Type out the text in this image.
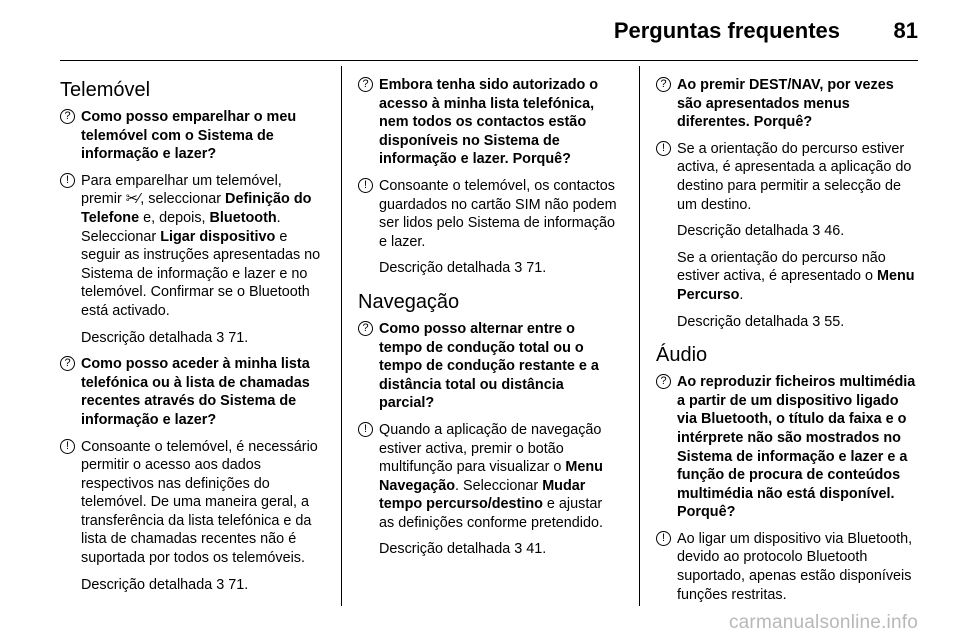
Perguntas frequentes 81
Telemóvel
? Como posso emparelhar o meu telemóvel com o Sistema de informação e lazer?
! Para emparelhar um telemóvel, premir ✂⁄, seleccionar Definição do Telefone e, depois, Bluetooth. Seleccionar Ligar dispositivo e seguir as instruções apresentadas no Sistema de informação e lazer e no telemóvel. Confirmar se o Bluetooth está activado.
Descrição detalhada 3 71.
? Como posso aceder à minha lista telefónica ou à lista de chamadas recentes através do Sistema de informação e lazer?
! Consoante o telemóvel, é necessário permitir o acesso aos dados respectivos nas definições do telemóvel. De uma maneira geral, a transferência da lista telefónica e da lista de chamadas recentes não é suportada por todos os telemóveis.
Descrição detalhada 3 71.
? Embora tenha sido autorizado o acesso à minha lista telefónica, nem todos os contactos estão disponíveis no Sistema de informação e lazer. Porquê?
! Consoante o telemóvel, os contactos guardados no cartão SIM não podem ser lidos pelo Sistema de informação e lazer.
Descrição detalhada 3 71.
Navegação
? Como posso alternar entre o tempo de condução total ou o tempo de condução restante e a distância total ou distância parcial?
! Quando a aplicação de navegação estiver activa, premir o botão multifunção para visualizar o Menu Navegação. Seleccionar Mudar tempo percurso/destino e ajustar as definições conforme pretendido.
Descrição detalhada 3 41.
? Ao premir DEST/NAV, por vezes são apresentados menus diferentes. Porquê?
! Se a orientação do percurso estiver activa, é apresentada a aplicação do destino para permitir a selecção de um destino.
Descrição detalhada 3 46.
Se a orientação do percurso não estiver activa, é apresentado o Menu Percurso.
Descrição detalhada 3 55.
Áudio
? Ao reproduzir ficheiros multimédia a partir de um dispositivo ligado via Bluetooth, o título da faixa e o intérprete não são mostrados no Sistema de informação e lazer e a função de procura de conteúdos multimédia não está disponível. Porquê?
! Ao ligar um dispositivo via Bluetooth, devido ao protocolo Bluetooth suportado, apenas estão disponíveis funções restritas.
carmanualsonline.info
